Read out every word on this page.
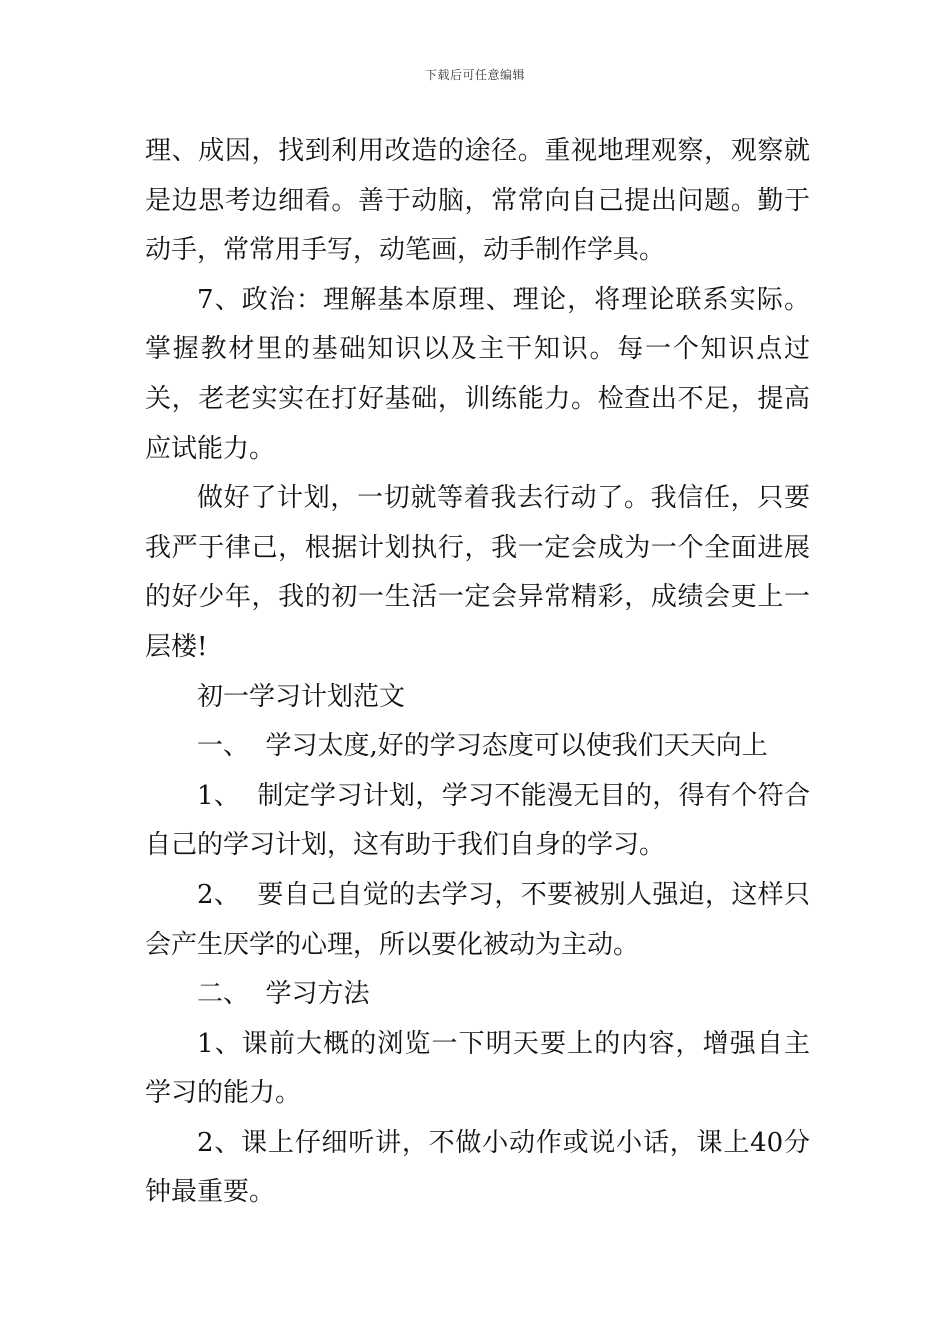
下载后可任意编辑

理、成因，找到利用改造的途径。重视地理观察，观察就是边思考边细看。善于动脑，常常向自己提出问题。勤于动手，常常用手写，动笔画，动手制作学具。

7、政治：理解基本原理、理论，将理论联系实际。掌握教材里的基础知识以及主干知识。每一个知识点过关，老老实实在打好基础，训练能力。检查出不足，提高应试能力。

做好了计划，一切就等着我去行动了。我信任，只要我严于律己，根据计划执行，我一定会成为一个全面进展的好少年，我的初一生活一定会异常精彩，成绩会更上一层楼!

初一学习计划范文

一、  学习太度,好的学习态度可以使我们天天向上

1、  制定学习计划，学习不能漫无目的，得有个符合自己的学习计划，这有助于我们自身的学习。

2、  要自己自觉的去学习，不要被别人强迫，这样只会产生厌学的心理，所以要化被动为主动。

二、  学习方法

1、课前大概的浏览一下明天要上的内容，增强自主学习的能力。

2、课上仔细听讲，不做小动作或说小话，课上40分钟最重要。
